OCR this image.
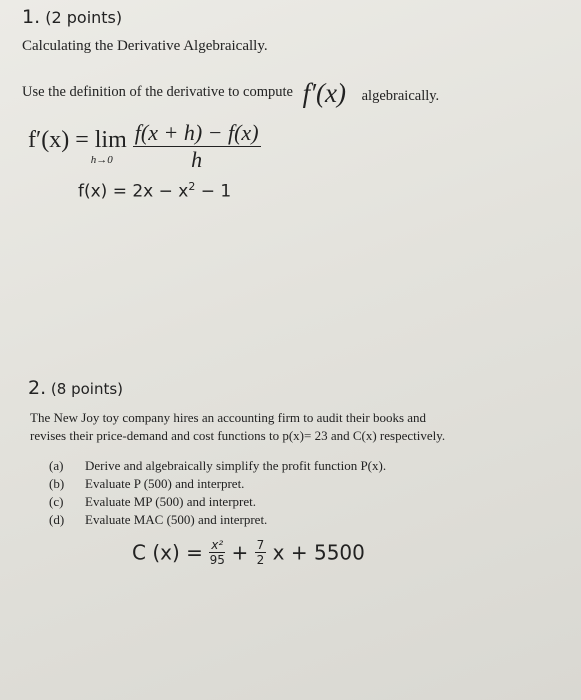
1. (2 points)
Calculating the Derivative Algebraically.
Use the definition of the derivative to compute f′(x) algebraically.
f′(x) = lim
h→0
$\frac{f(x + h) - f(x)}{h}$
$f(x) = 2x - x^2 - 1$
2. (8 points)
The New Joy toy company hires an accounting firm to audit their books and
revises their price-demand and cost functions to p(x)= 23 and C(x) respectively.
(a) Derive and algebraically simplify the profit function P(x).
(b) Evaluate P (500) and interpret.
(c) Evaluate MP (500) and interpret.
(d) Evaluate MAC (500) and interpret.
C $(x) = \frac{\text{x²}}{95} + \frac{7}{2}$ x + 5500
